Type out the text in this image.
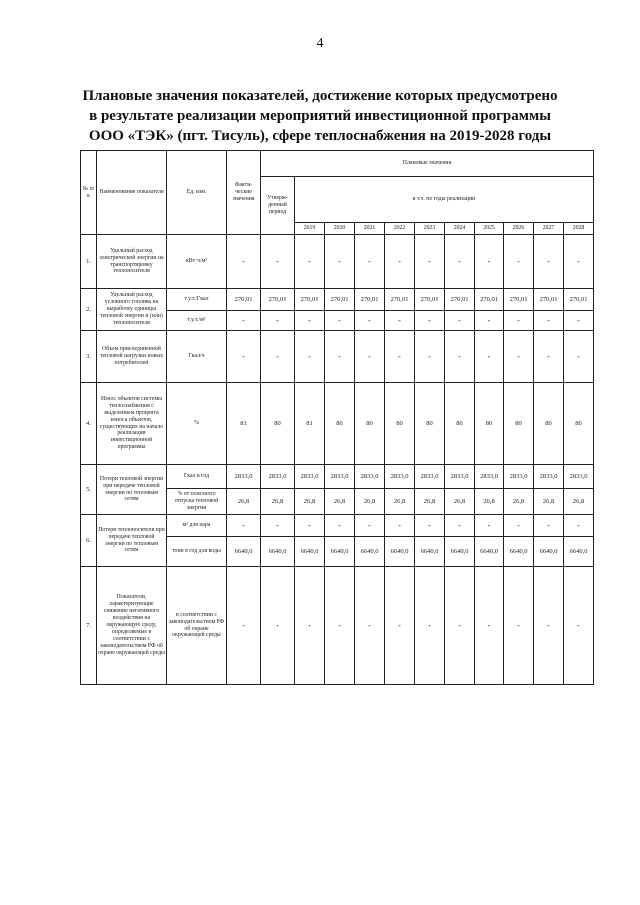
4
Плановые значения показателей, достижение которых предусмотрено
в результате реализации мероприятий инвестиционной программы
ООО «ТЭК» (пгт. Тисуль), сфере теплоснабжения на 2019-2028 годы
№ п/к	Наименование показателя	Ед. изм.	Факти-ческие значения	Плановые значения										
				Утверж-денный период	в т.ч. по годы реализации									
					2019	2020	2021	2022	2023	2024	2025	2026	2027	2028
1.	Удельный расход электрической энергии на транспортировку теплоносителя	кВт·ч/м³	-	-	-	-	-	-	-	-	-	-	-	-
2.	Удельный расход условного топлива на выработку единицы тепловой энергии и (или) теплоносителя	т.у.т./Гкал	270,01	270,01	270,01	270,01	270,01	270,01	270,01	270,01	270,01	270,01	270,01	270,01
		т.у.т./м³	-	-	-	-	-	-	-	-	-	-	-	-
3.	Объем присоединенной тепловой нагрузки новых потребителей	Гкал/ч	-	-	-	-	-	-	-	-	-	-	-	-
4.	Износ объектов системы теплоснабжения с выделением процента износа объектов, существующих на начало реализации инвестиционной программы	%	81	80	81	80	80	80	80	80	80	80	80	80
5.	Потери тепловой энергии при передаче тепловой энергии по тепловым сетям	Гкал в год	2833,0	2833,0	2833,0	2833,0	2833,0	2833,0	2833,0	2833,0	2833,0	2833,0	2833,0	2833,0
		% от полезного отпуска тепловой энергии	26,8	26,8	26,8	26,8	26,8	26,8	26,8	26,8	26,8	26,8	26,8	26,8
6.	Потери теплоносителя при передаче тепловой энергии по тепловым сетям	м³ для пара	-	-	-	-	-	-	-	-	-	-	-	-
		тонн в год для воды	6640,0	6640,0	6640,0	6640,0	6640,0	6640,0	6640,0	6640,0	6640,0	6640,0	6640,0	6640,0
7.	Показатели, характеризующие снижение негативного воздействия на окружающую среду, определяемые в соответствии с законодательством РФ об охране окружающей среды	в соответствии с законодательством РФ об охране окружающей среды	-	-	-	-	-	-	-	-	-	-	-	-
